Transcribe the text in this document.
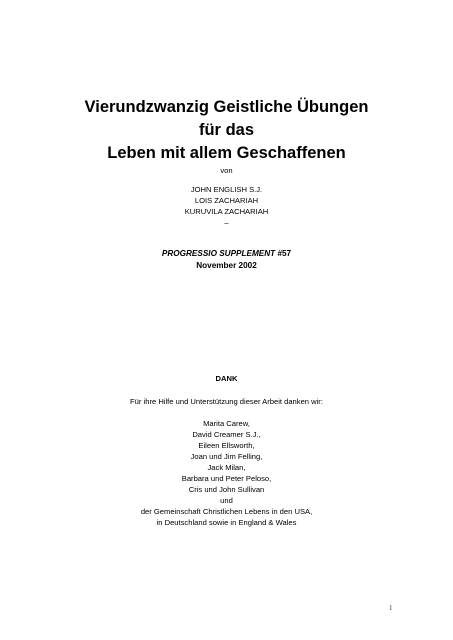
Vierundzwanzig Geistliche Übungen
für das
Leben mit allem Geschaffenen
von
JOHN ENGLISH S.J.
LOIS ZACHARIAH
KURUVILA ZACHARIAH
–
PROGRESSIO SUPPLEMENT #57
November 2002
DANK
Für ihre Hilfe und Unterstützung dieser Arbeit danken wir:
Marita Carew,
David Creamer S.J.,
Eileen Ellsworth,
Joan und Jim Felling,
Jack Milan,
Barbara und Peter Peloso,
Cris und John Sullivan
und
der Gemeinschaft Christlichen Lebens in den USA,
in Deutschland sowie in England & Wales
1
